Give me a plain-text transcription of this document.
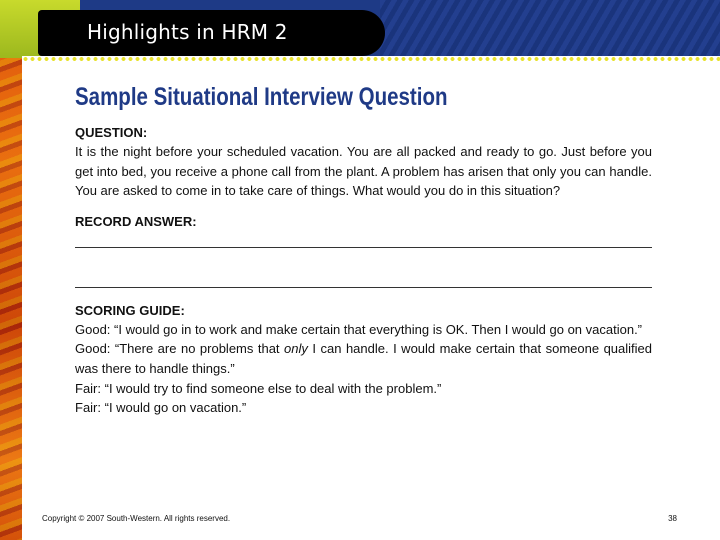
Highlights in HRM 2
Sample Situational Interview Question
QUESTION:

It is the night before your scheduled vacation. You are all packed and ready to go. Just before you get into bed, you receive a phone call from the plant. A problem has arisen that only you can handle. You are asked to come in to take care of things. What would you do in this situation?

RECORD ANSWER:
SCORING GUIDE:

Good: “I would go in to work and make certain that everything is OK. Then I would go on vacation.”

Good: “There are no problems that only I can handle. I would make certain that someone qualified was there to handle things.”

Fair: “I would try to find someone else to deal with the problem.”

Fair: “I would go on vacation.”

Copyright © 2007 South-Western. All rights reserved.	38
